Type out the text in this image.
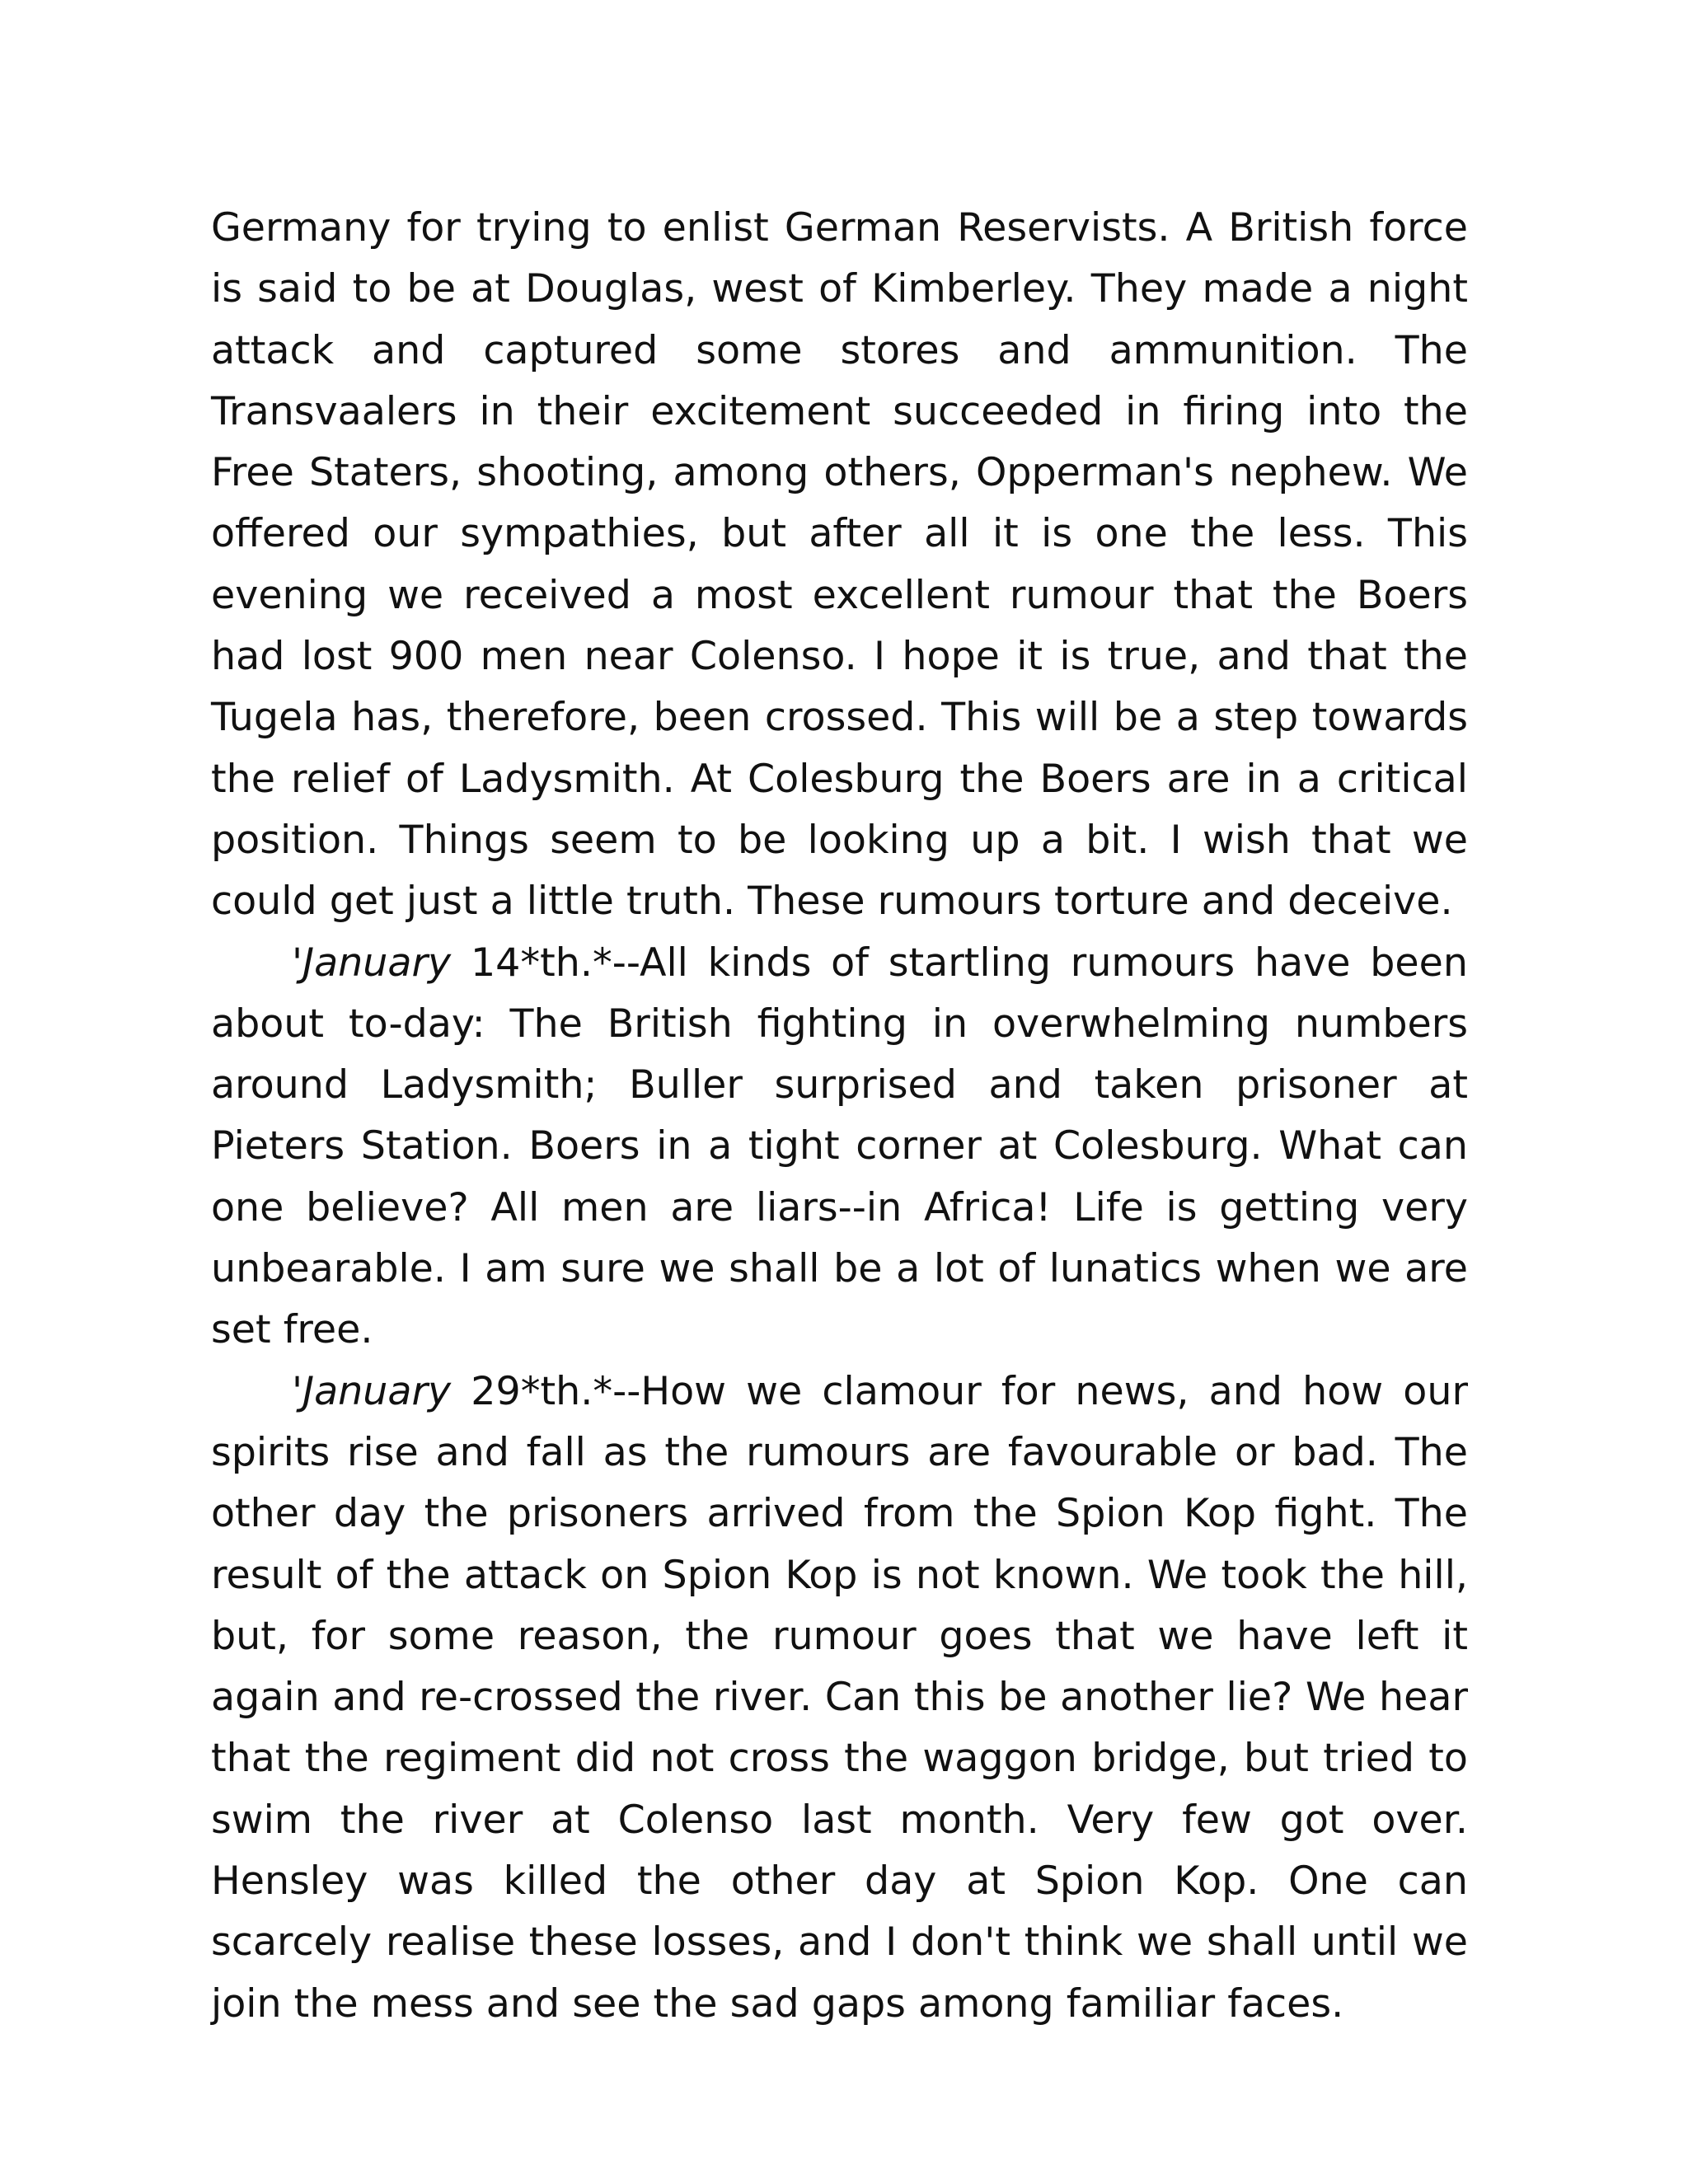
Germany for trying to enlist German Reservists. A British force is said to be at Douglas, west of Kimberley. They made a night attack and captured some stores and ammunition. The Transvaalers in their excitement succeeded in firing into the Free Staters, shooting, among others, Opperman's nephew. We offered our sympathies, but after all it is one the less. This evening we received a most excellent rumour that the Boers had lost 900 men near Colenso. I hope it is true, and that the Tugela has, therefore, been crossed. This will be a step towards the relief of Ladysmith. At Colesburg the Boers are in a critical position. Things seem to be looking up a bit. I wish that we could get just a little truth. These rumours torture and deceive.

'January 14*th.*--All kinds of startling rumours have been about to-day: The British fighting in overwhelming numbers around Ladysmith; Buller surprised and taken prisoner at Pieters Station. Boers in a tight corner at Colesburg. What can one believe? All men are liars--in Africa! Life is getting very unbearable. I am sure we shall be a lot of lunatics when we are set free.

'January 29*th.*--How we clamour for news, and how our spirits rise and fall as the rumours are favourable or bad. The other day the prisoners arrived from the Spion Kop fight. The result of the attack on Spion Kop is not known. We took the hill, but, for some reason, the rumour goes that we have left it again and re-crossed the river. Can this be another lie? We hear that the regiment did not cross the waggon bridge, but tried to swim the river at Colenso last month. Very few got over. Hensley was killed the other day at Spion Kop. One can scarcely realise these losses, and I don't think we shall until we join the mess and see the sad gaps among familiar faces.
